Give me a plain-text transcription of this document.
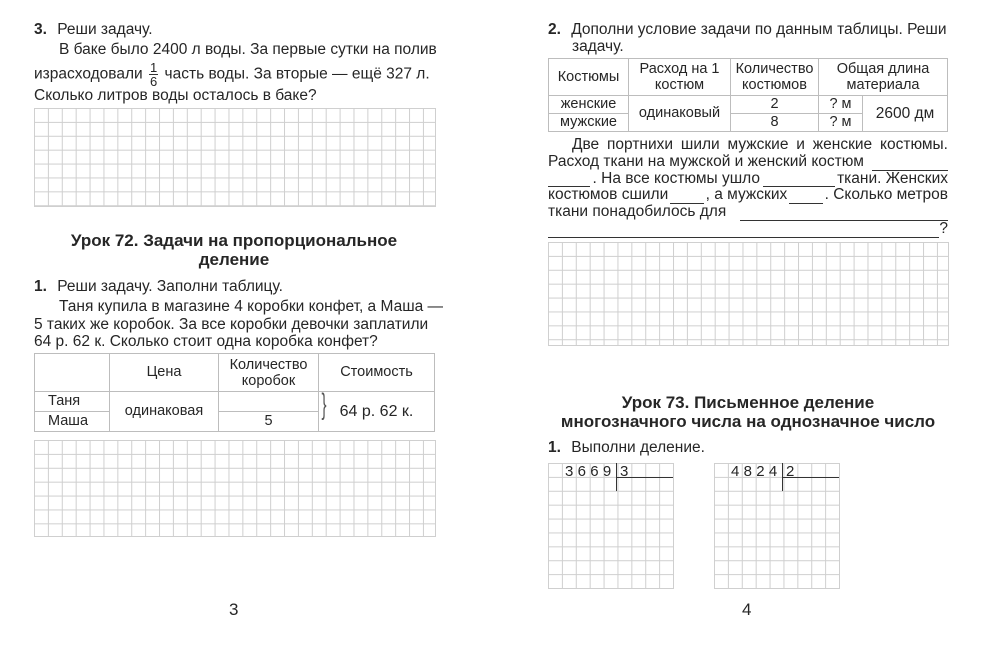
3. Реши задачу.
В баке было 2400 л воды. За первые сутки на полив
израсходовали $\frac{1}{6}$ часть воды. За вторые — ещё 327 л.
Сколько литров воды осталось в баке?
Урок 72. Задачи на пропорциональное
деление
1. Реши задачу. Заполни таблицу.
Таня купила в магазине 4 коробки конфет, а Маша —
5 таких же коробок. За все коробки девочки заплатили
64 р. 62 к. Сколько стоит одна коробка конфет?
	Цена	Количество коробок	Стоимость
Таня	одинаковая		} 64 р. 62 к.
Маша		5	
3
2. Дополни условие задачи по данным таблицы. Реши
задачу.
Костюмы	Расход на 1 костюм	Количество костюмов	Общая длина материала	
женские	одинаковый	2	? м	2600 дм
мужские		8	? м	
Две портнихи шили мужские и женские костюмы.
Расход ткани на мужской и женский костюм
. На все костюмы ушло	ткани. Женских
костюмов сшили , а мужских . Сколько метров
ткани понадобилось для
?
Урок 73. Письменное деление
многозначного числа на однозначное число
1. Выполни деление.
3669 3	4824 2
4
